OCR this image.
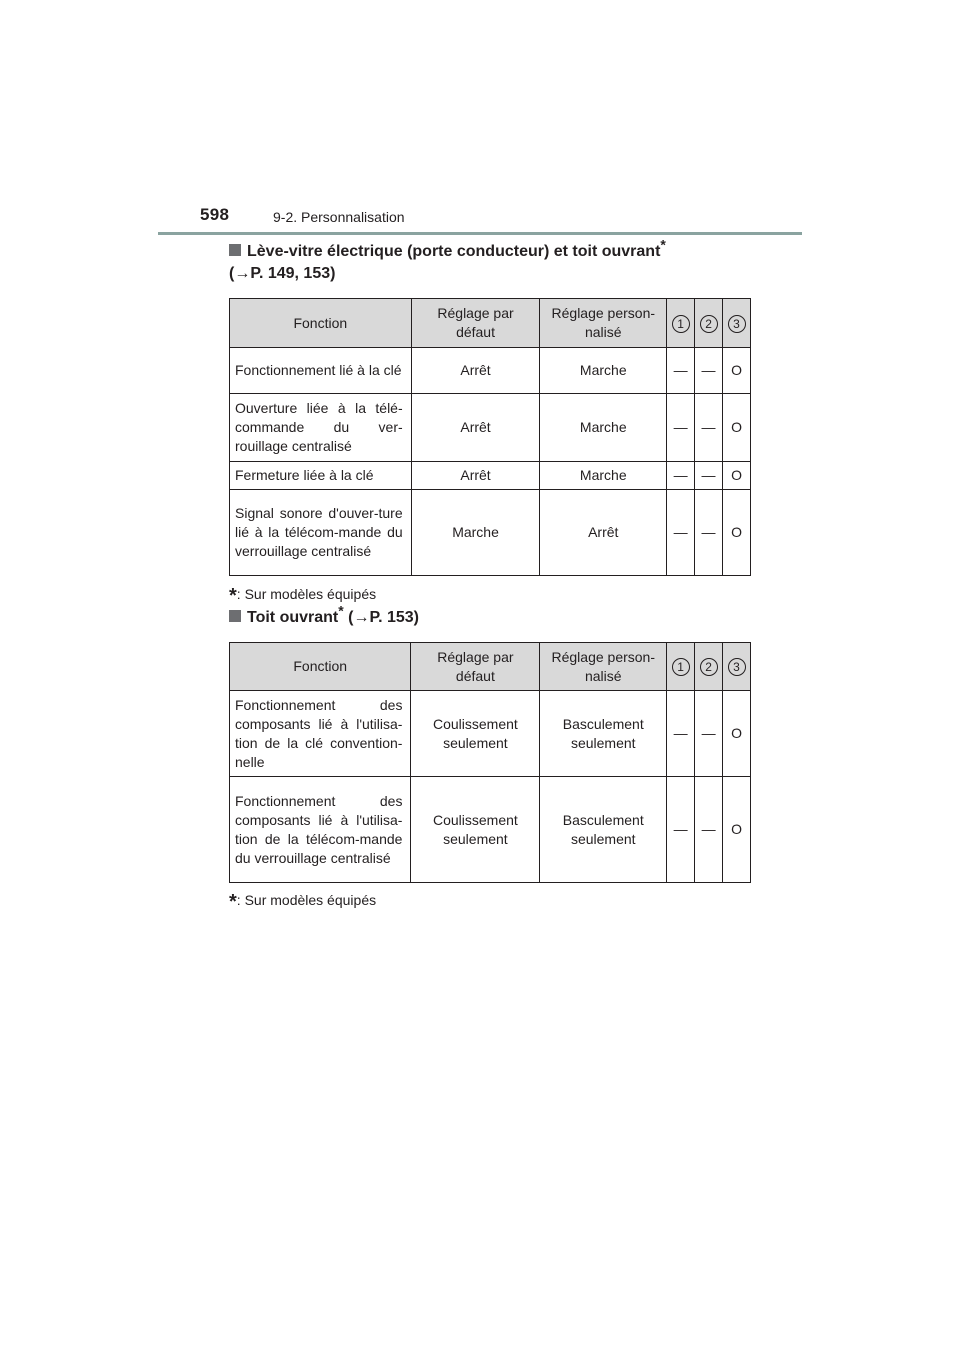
598	9-2. Personnalisation
Lève-vitre électrique (porte conducteur) et toit ouvrant*
(→P. 149, 153)
Fonction	Réglage par défaut	Réglage person-nalisé	1	2	3
Fonctionnement lié à la clé	Arrêt	Marche	—	—	O
Ouverture liée à la télé-commande du ver-rouillage centralisé	Arrêt	Marche	—	—	O
Fermeture liée à la clé	Arrêt	Marche	—	—	O
Signal sonore d'ouver-ture lié à la télécom-mande du verrouillage centralisé	Marche	Arrêt	—	—	O
*: Sur modèles équipés
Toit ouvrant* (→P. 153)
Fonction	Réglage par défaut	Réglage person-nalisé	1	2	3
Fonctionnement des composants lié à l'utilisa-tion de la clé convention-nelle	Coulissement seulement	Basculement seulement	—	—	O
Fonctionnement des composants lié à l'utilisa-tion de la télécom-mande du verrouillage centralisé	Coulissement seulement	Basculement seulement	—	—	O
*: Sur modèles équipés
